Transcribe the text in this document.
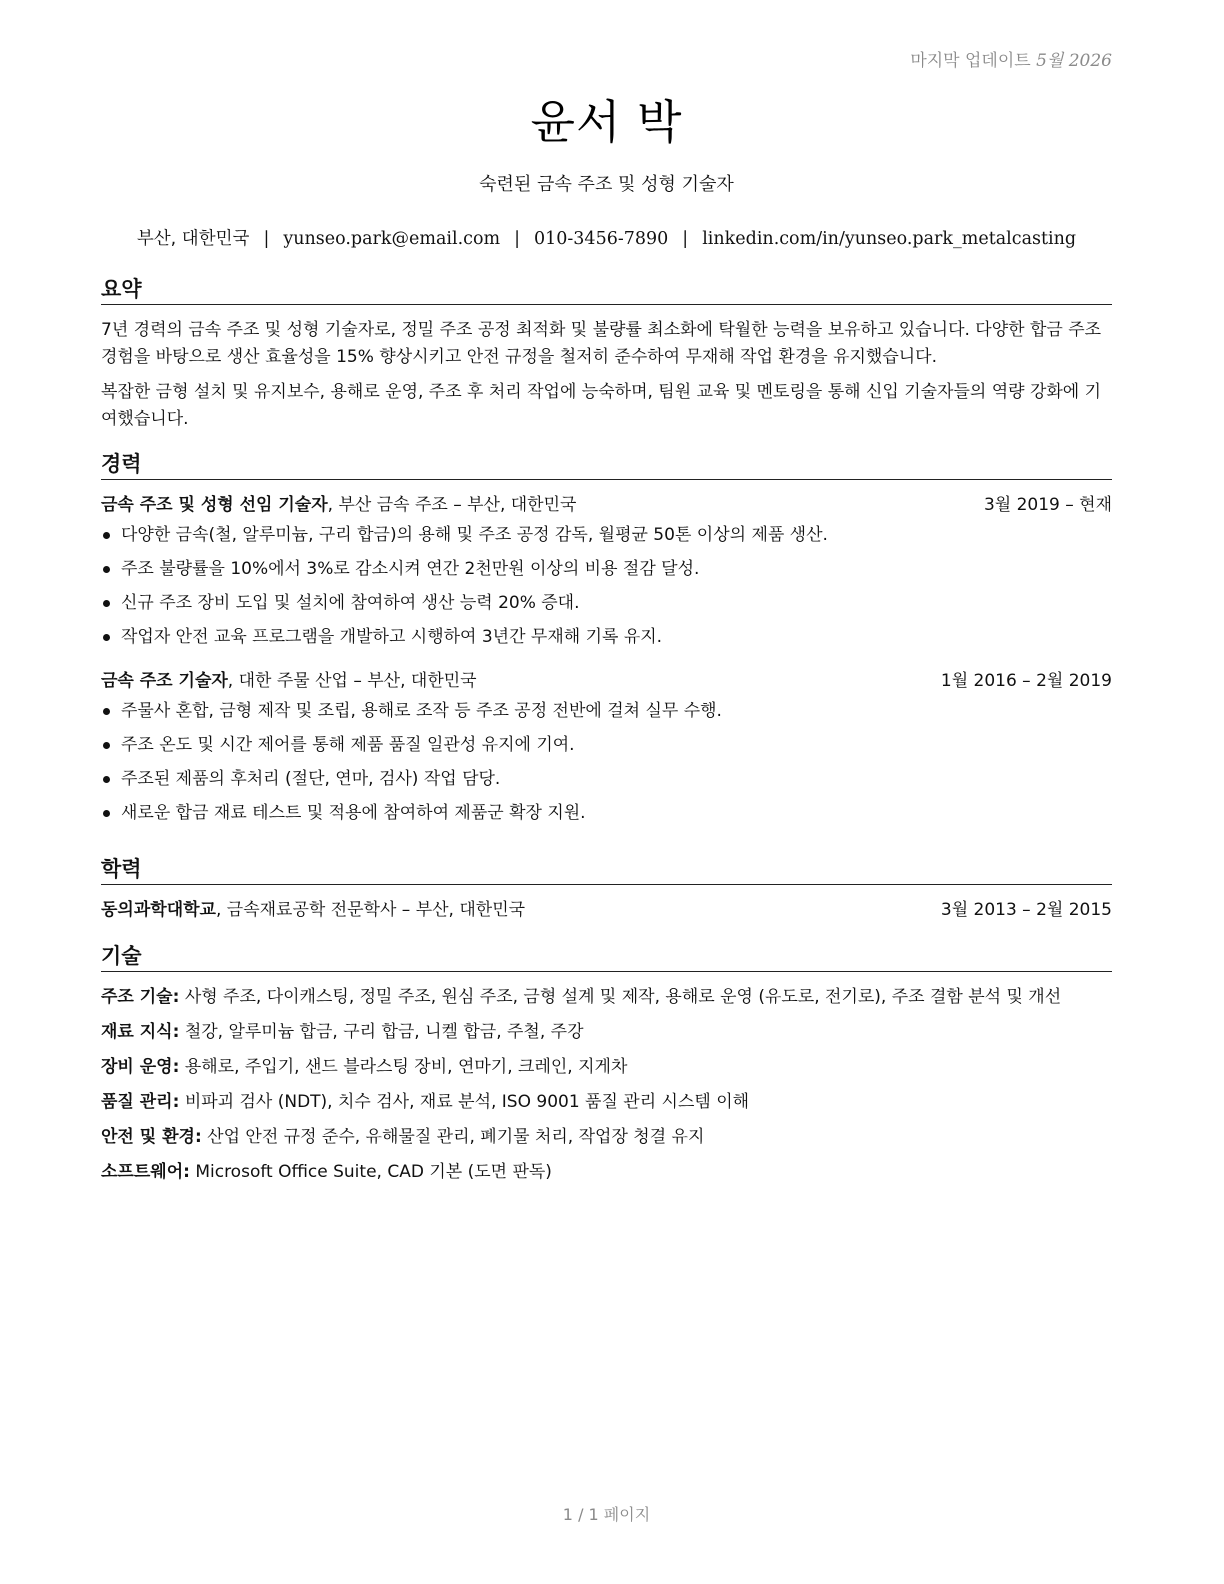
마지막 업데이트 5월 2026
윤서 박
숙련된 금속 주조 및 성형 기술자
부산, 대한민국 | yunseo.park@email.com | 010-3456-7890 | linkedin.com/in/yunseo.park_metalcasting
요약

7년 경력의 금속 주조 및 성형 기술자로, 정밀 주조 공정 최적화 및 불량률 최소화에 탁월한 능력을 보유하고 있습니다. 다양한 합금 주조 경험을 바탕으로 생산 효율성을 15% 향상시키고 안전 규정을 철저히 준수하여 무재해 작업 환경을 유지했습니다.

복잡한 금형 설치 및 유지보수, 용해로 운영, 주조 후 처리 작업에 능숙하며, 팀원 교육 및 멘토링을 통해 신입 기술자들의 역량 강화에 기여했습니다.

경력
금속 주조 및 성형 선임 기술자, 부산 금속 주조 – 부산, 대한민국	3월 2019 – 현재
다양한 금속(철, 알루미늄, 구리 합금)의 용해 및 주조 공정 감독, 월평균 50톤 이상의 제품 생산.
주조 불량률을 10%에서 3%로 감소시켜 연간 2천만원 이상의 비용 절감 달성.
신규 주조 장비 도입 및 설치에 참여하여 생산 능력 20% 증대.
작업자 안전 교육 프로그램을 개발하고 시행하여 3년간 무재해 기록 유지.
금속 주조 기술자, 대한 주물 산업 – 부산, 대한민국	1월 2016 – 2월 2019
주물사 혼합, 금형 제작 및 조립, 용해로 조작 등 주조 공정 전반에 걸쳐 실무 수행.
주조 온도 및 시간 제어를 통해 제품 품질 일관성 유지에 기여.
주조된 제품의 후처리 (절단, 연마, 검사) 작업 담당.
새로운 합금 재료 테스트 및 적용에 참여하여 제품군 확장 지원.
학력
동의과학대학교, 금속재료공학 전문학사 – 부산, 대한민국	3월 2013 – 2월 2015
기술
주조 기술: 사형 주조, 다이캐스팅, 정밀 주조, 원심 주조, 금형 설계 및 제작, 용해로 운영 (유도로, 전기로), 주조 결함 분석 및 개선
재료 지식: 철강, 알루미늄 합금, 구리 합금, 니켈 합금, 주철, 주강
장비 운영: 용해로, 주입기, 샌드 블라스팅 장비, 연마기, 크레인, 지게차
품질 관리: 비파괴 검사 (NDT), 치수 검사, 재료 분석, ISO 9001 품질 관리 시스템 이해
안전 및 환경: 산업 안전 규정 준수, 유해물질 관리, 폐기물 처리, 작업장 청결 유지
소프트웨어: Microsoft Office Suite, CAD 기본 (도면 판독)
1 / 1 페이지
